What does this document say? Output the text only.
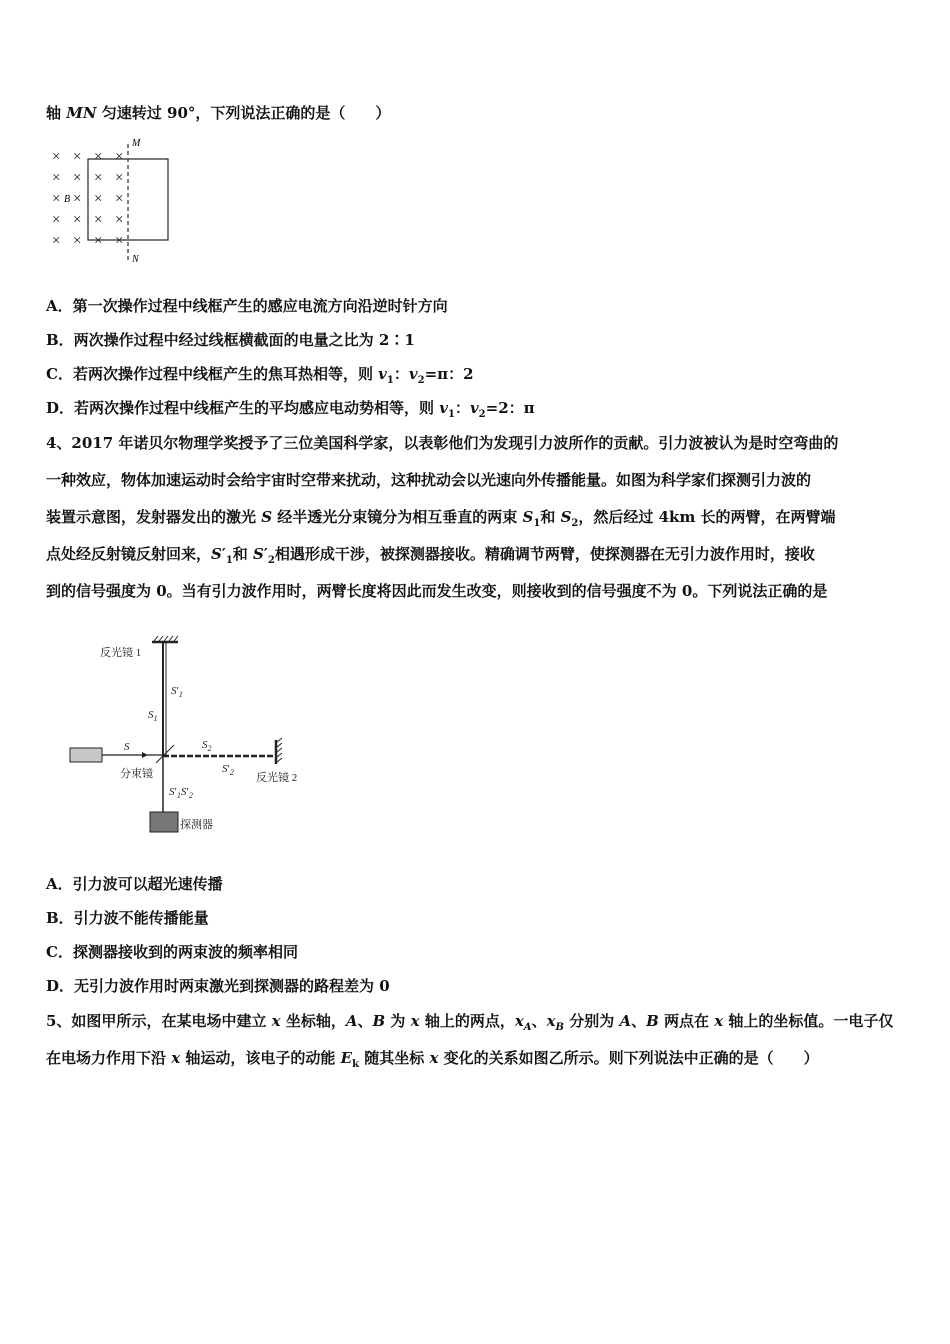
轴 MN 匀速转过 90°，下列说法正确的是（　　）
× × × ×
× × × ×
× × × ×
× × × ×
× × × ×
M
N
B
A．第一次操作过程中线框产生的感应电流方向沿逆时针方向
B．两次操作过程中经过线框横截面的电量之比为 2∶1
C．若两次操作过程中线框产生的焦耳热相等，则 $v_1$：$v_2=\pi$：2
D．若两次操作过程中线框产生的平均感应电动势相等，则 $v_1$：$v_2=2$：π
4、2017 年诺贝尔物理学奖授予了三位美国科学家，以表彰他们为发现引力波所作的贡献。引力波被认为是时空弯曲的
一种效应，物体加速运动时会给宇宙时空带来扰动，这种扰动会以光速向外传播能量。如图为科学家们探测引力波的
装置示意图，发射器发出的激光 S 经半透光分束镜分为相互垂直的两束 $S_1$和 $S_2$，然后经过 4km 长的两臂，在两臂端
点处经反射镜反射回来，$S'_1$和 $S'_2$相遇形成干涉，被探测器接收。精确调节两臂，使探测器在无引力波作用时，接收
到的信号强度为 0。当有引力波作用时，两臂长度将因此而发生改变，则接收到的信号强度不为 0。下列说法正确的是
反光镜 1
$S'_1$
$S_1$
S
分束镜
$S_2$
$S'_2$ 反光镜 2
$S'_1S'_2$
探测器
A．引力波可以超光速传播
B．引力波不能传播能量
C．探测器接收到的两束波的频率相同
D．无引力波作用时两束激光到探测器的路程差为 0
5、如图甲所示，在某电场中建立 x 坐标轴，A、B 为 x 轴上的两点，$x_A$、$x_B$ 分别为 A、B 两点在 x 轴上的坐标值。一电子仅
在电场力作用下沿 x 轴运动，该电子的动能 $E_k$ 随其坐标 x 变化的关系如图乙所示。则下列说法中正确的是（　　）
